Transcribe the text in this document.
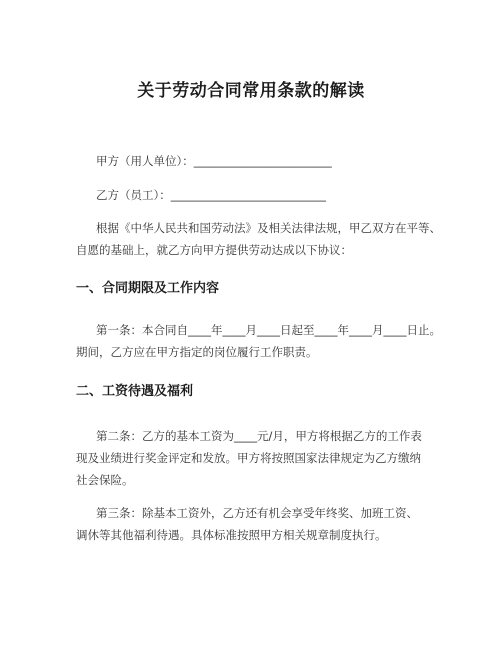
关于劳动合同常用条款的解读
甲方（用人单位）：________________________
乙方（员工）：___________________________
根据《中华人民共和国劳动法》及相关法律法规，甲乙双方在平等、
自愿的基础上，就乙方向甲方提供劳动达成以下协议：
一、合同期限及工作内容
第一条：本合同自____年____月____日起至____年____月____日止。
期间，乙方应在甲方指定的岗位履行工作职责。
二、工资待遇及福利
第二条：乙方的基本工资为____元/月，甲方将根据乙方的工作表
现及业绩进行奖金评定和发放。甲方将按照国家法律规定为乙方缴纳
社会保险。
第三条：除基本工资外，乙方还有机会享受年终奖、加班工资、
调休等其他福利待遇。具体标准按照甲方相关规章制度执行。
